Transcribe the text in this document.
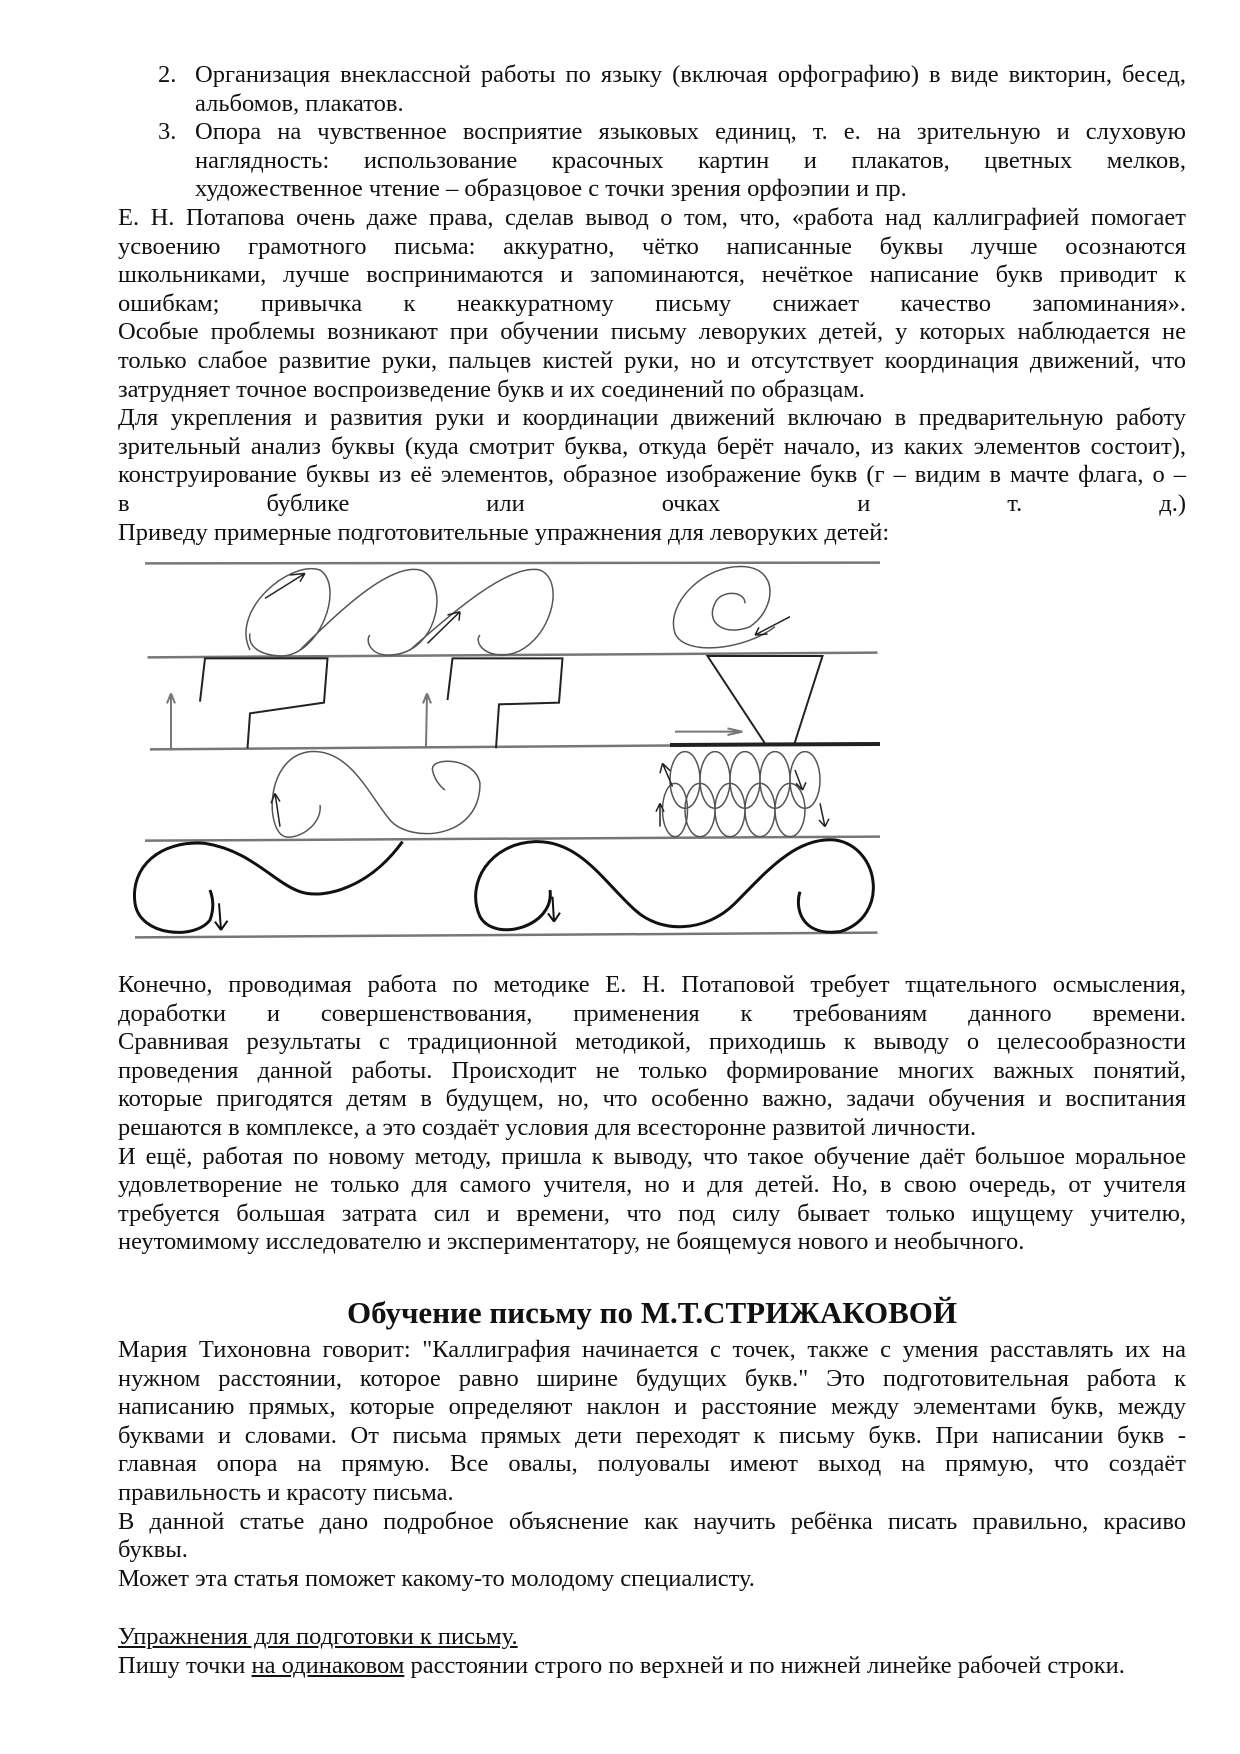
2. Организация внеклассной работы по языку (включая орфографию) в виде викторин, бесед,
альбомов, плакатов.
3. Опора на чувственное восприятие языковых единиц, т. е. на зрительную и слуховую
наглядность: использование красочных картин и плакатов, цветных мелков,
художественное чтение – образцовое с точки зрения орфоэпии и пр.
Е. Н. Потапова очень даже права, сделав вывод о том, что, «работа над каллиграфией помогает
усвоению грамотного письма: аккуратно, чётко написанные буквы лучше осознаются
школьниками, лучше воспринимаются и запоминаются, нечёткое написание букв приводит к
ошибкам; привычка к неаккуратному письму снижает качество запоминания».
Особые проблемы возникают при обучении письму леворуких детей, у которых наблюдается не
только слабое развитие руки, пальцев кистей руки, но и отсутствует координация движений, что
затрудняет точное воспроизведение букв и их соединений по образцам.
Для укрепления и развития руки и координации движений включаю в предварительную работу
зрительный анализ буквы (куда смотрит буква, откуда берёт начало, из каких элементов состоит),
конструирование буквы из её элементов, образное изображение букв (г – видим в мачте флага, о –
в бублике или очках и т. д.)
Приведу примерные подготовительные упражнения для леворуких детей:
Конечно, проводимая работа по методике Е. Н. Потаповой требует тщательного осмысления,
доработки и совершенствования, применения к требованиям данного времени.
Сравнивая результаты с традиционной методикой, приходишь к выводу о целесообразности
проведения данной работы. Происходит не только формирование многих важных понятий,
которые пригодятся детям в будущем, но, что особенно важно, задачи обучения и воспитания
решаются в комплексе, а это создаёт условия для всесторонне развитой личности.
И ещё, работая по новому методу, пришла к выводу, что такое обучение даёт большое моральное
удовлетворение не только для самого учителя, но и для детей. Но, в свою очередь, от учителя
требуется большая затрата сил и времени, что под силу бывает только ищущему учителю,
неутомимому исследователю и экспериментатору, не боящемуся нового и необычного.
Обучение письму по М.Т.СТРИЖАКОВОЙ
Мария Тихоновна говорит: "Каллиграфия начинается с точек, также с умения расставлять их на
нужном расстоянии, которое равно ширине будущих букв." Это подготовительная работа к
написанию прямых, которые определяют наклон и расстояние между элементами букв, между
буквами и словами. От письма прямых дети переходят к письму букв. При написании букв -
главная опора на прямую. Все овалы, полуовалы имеют выход на прямую, что создаёт
правильность и красоту письма.
В данной статье дано подробное объяснение как научить ребёнка писать правильно, красиво
буквы.
Может эта статья поможет какому-то молодому специалисту.
Упражнения для подготовки к письму.
Пишу точки на одинаковом расстоянии строго по верхней и по нижней линейке рабочей строки.
